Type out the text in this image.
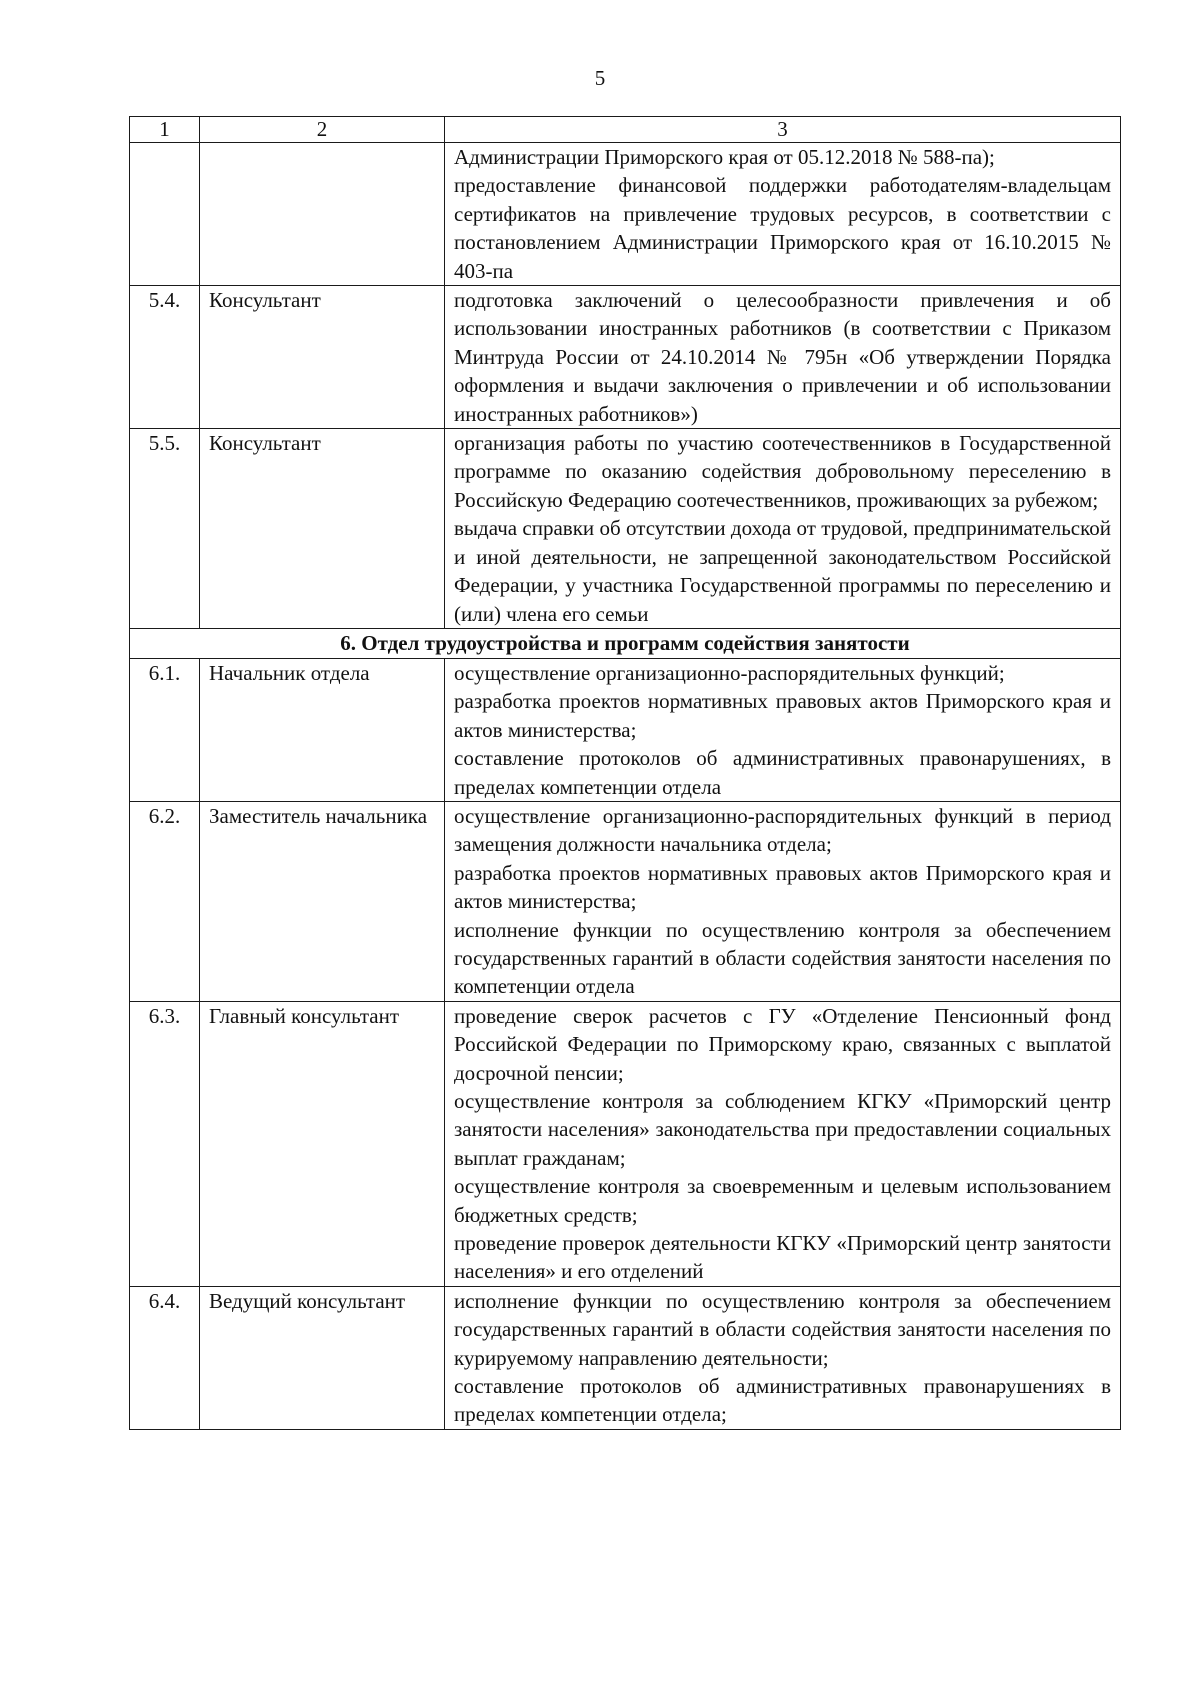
5
1	2	3

		Администрации Приморского края от 05.12.2018 № 588-па);
предоставление финансовой поддержки работодателям-владельцам сертификатов на привлечение трудовых ресурсов, в соответствии с постановлением Администрации Приморского края от 16.10.2015 № 403-па

5.4.	Консультант	подготовка заключений о целесообразности привлечения и об использовании иностранных работников (в соответствии с Приказом Минтруда России от 24.10.2014 № 795н «Об утверждении Порядка оформления и выдачи заключения о привлечении и об использовании иностранных работников»)

5.5.	Консультант	организация работы по участию соотечественников в Государственной программе по оказанию содействия добровольному переселению в Российскую Федерацию соотечественников, проживающих за рубежом;
выдача справки об отсутствии дохода от трудовой, предпринимательской и иной деятельности, не запрещенной законодательством Российской Федерации, у участника Государственной программы по переселению и (или) члена его семьи

6. Отдел трудоустройства и программ содействия занятости		
6.1.	Начальник отдела	осуществление организационно-распорядительных функций;
разработка проектов нормативных правовых актов Приморского края и актов министерства;
составление протоколов об административных правонарушениях, в пределах компетенции отдела

6.2.	Заместитель начальника	осуществление организационно-распорядительных функций в период замещения должности начальника отдела;
разработка проектов нормативных правовых актов Приморского края и актов министерства;
исполнение функции по осуществлению контроля за обеспечением государственных гарантий в области содействия занятости населения по компетенции отдела

6.3.	Главный консультант	проведение сверок расчетов с ГУ «Отделение Пенсионный фонд Российской Федерации по Приморскому краю, связанных с выплатой досрочной пенсии;
осуществление контроля за соблюдением КГКУ «Приморский центр занятости населения» законодательства при предоставлении социальных выплат гражданам;
осуществление контроля за своевременным и целевым использованием бюджетных средств;
проведение проверок деятельности КГКУ «Приморский центр занятости населения» и его отделений

6.4.	Ведущий консультант	исполнение функции по осуществлению контроля за обеспечением государственных гарантий в области содействия занятости населения по курируемому направлению деятельности;
составление протоколов об административных правонарушениях в пределах компетенции отдела;
